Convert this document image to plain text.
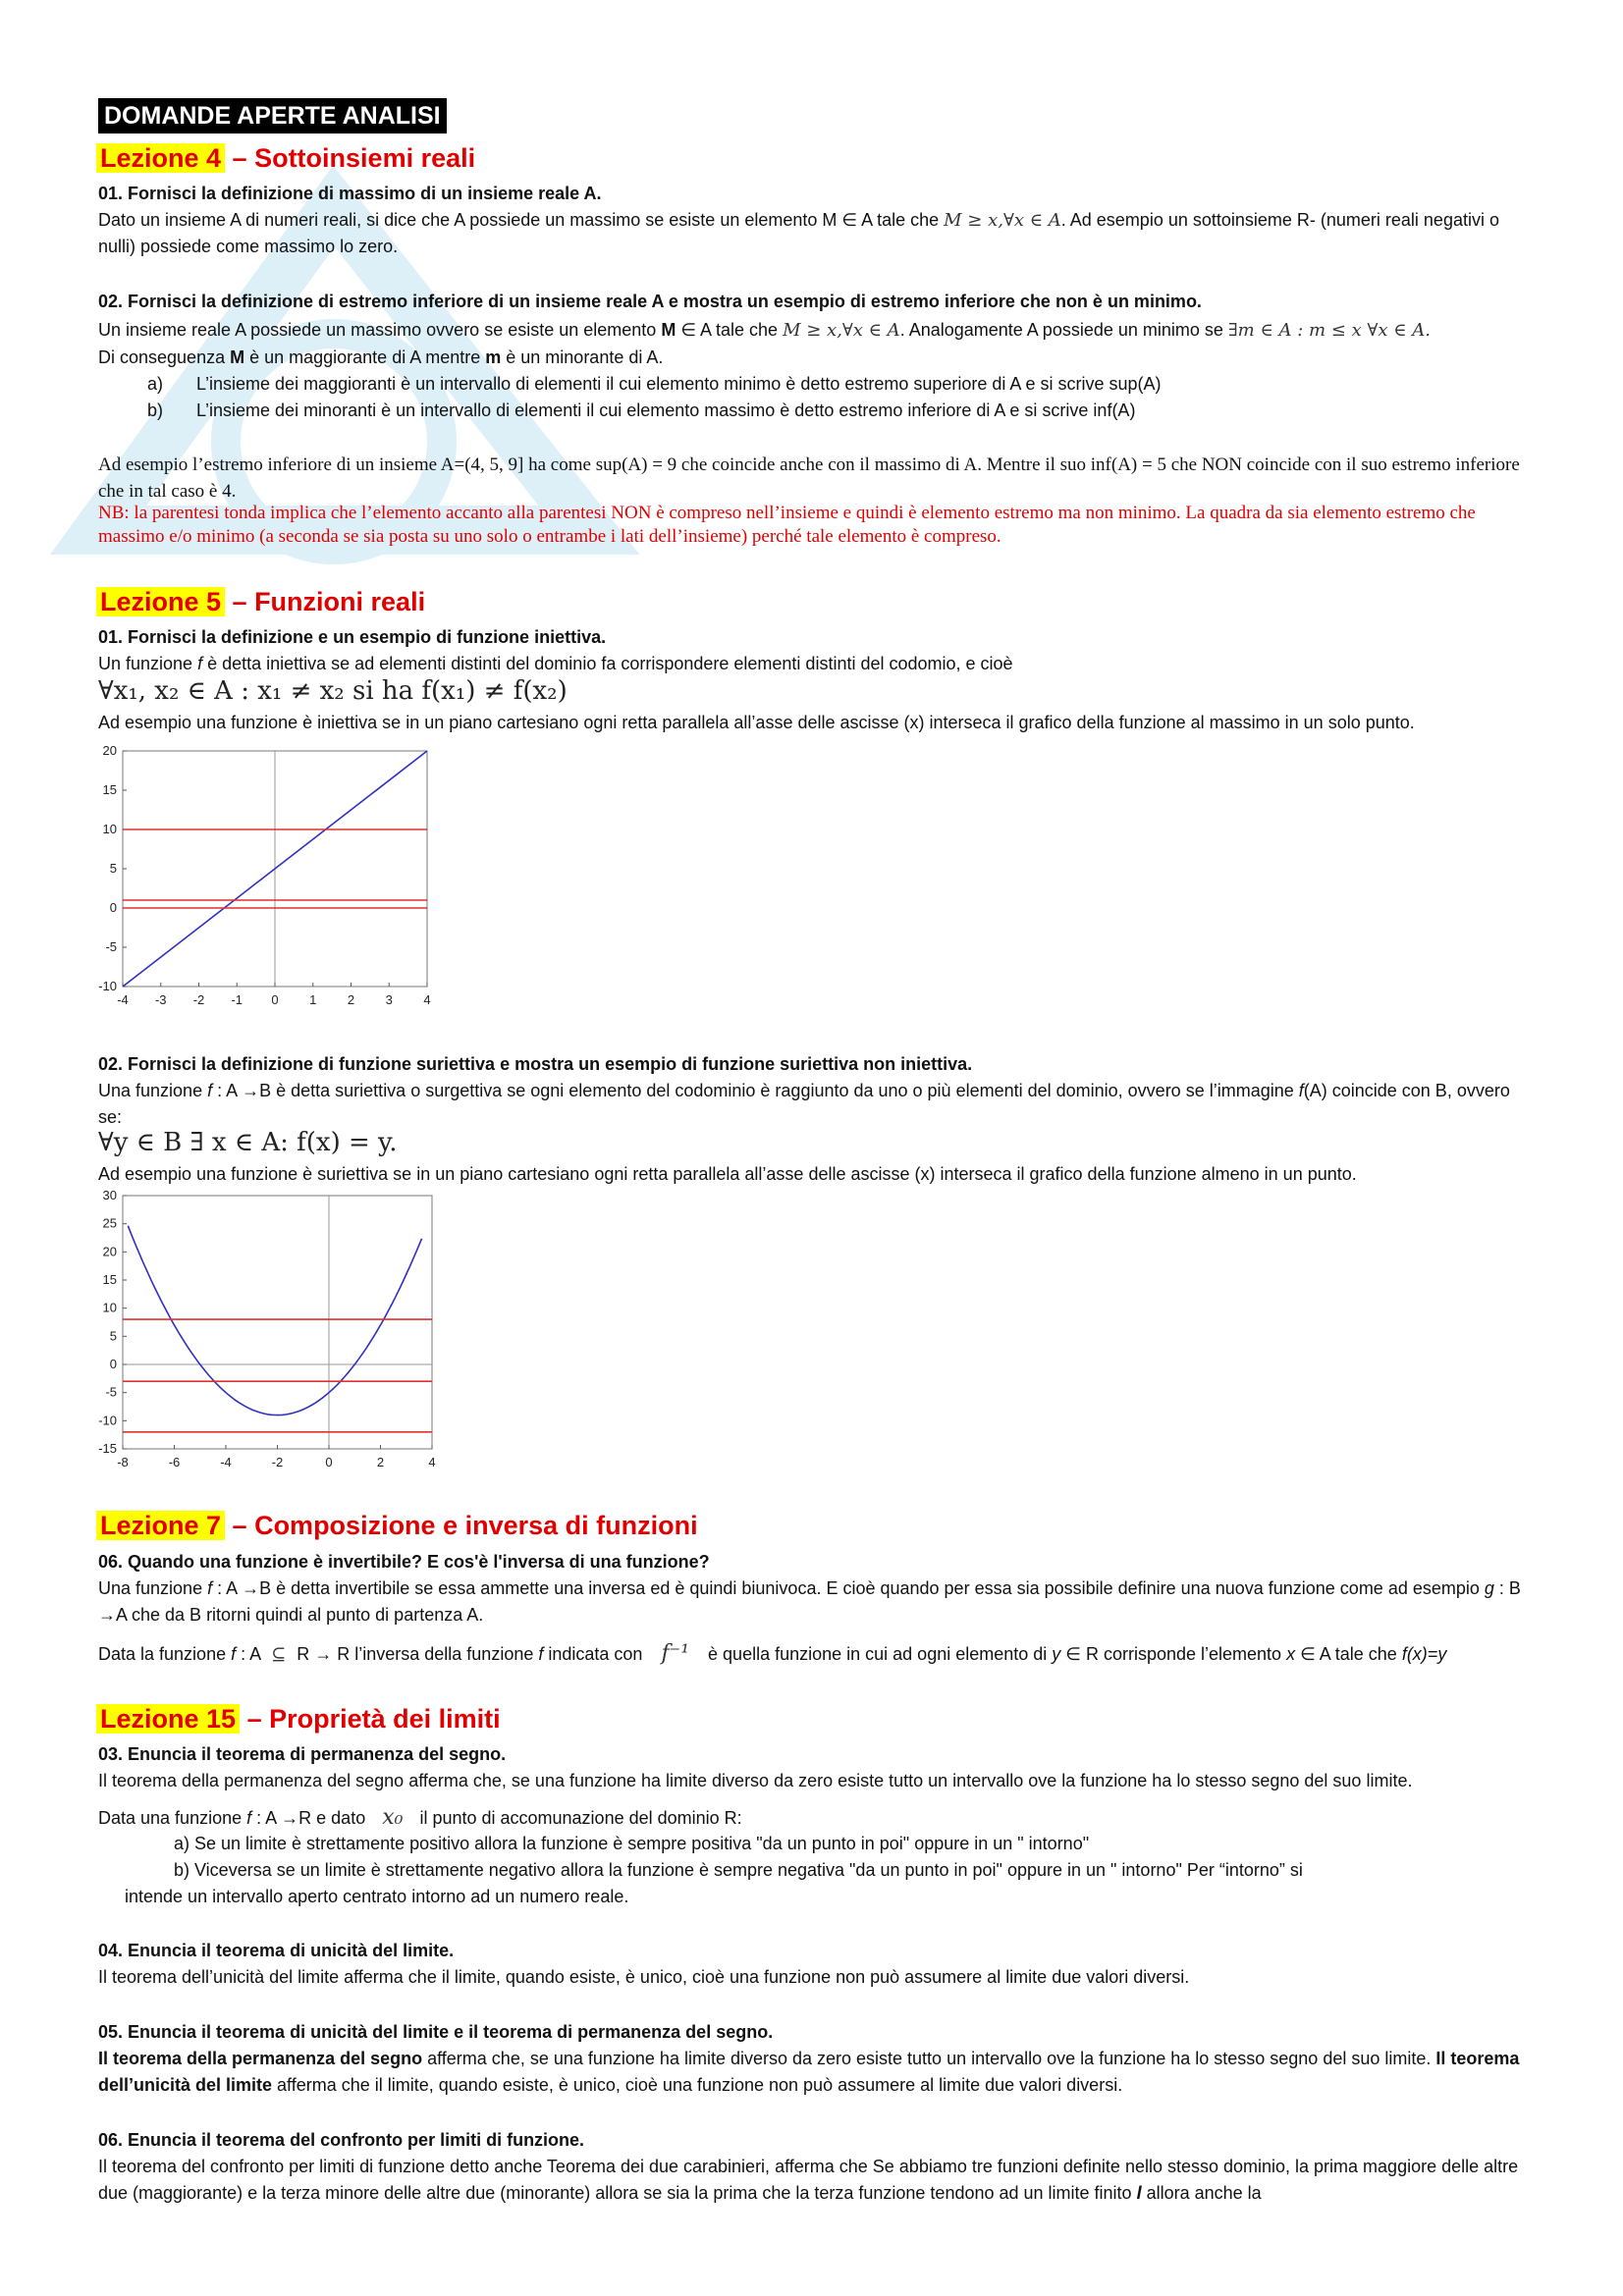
DOMANDE APERTE ANALISI
Lezione 4 – Sottoinsiemi reali
01. Fornisci la definizione di massimo di un insieme reale A.
Dato un insieme A di numeri reali, si dice che A possiede un massimo se esiste un elemento M ∈ A tale che M ≥ x,∀x ∈ A. Ad esempio un sottoinsieme R- (numeri reali negativi o nulli) possiede come massimo lo zero.
02. Fornisci la definizione di estremo inferiore di un insieme reale A e mostra un esempio di estremo inferiore che non è un minimo.
Un insieme reale A possiede un massimo ovvero se esiste un elemento M ∈ A tale che M ≥ x,∀x ∈ A. Analogamente A possiede un minimo se ∃m ∈ A : m ≤ x ∀x ∈ A.
Di conseguenza M è un maggiorante di A mentre m è un minorante di A.
a) L’insieme dei maggioranti è un intervallo di elementi il cui elemento minimo è detto estremo superiore di A e si scrive sup(A)
b) L’insieme dei minoranti è un intervallo di elementi il cui elemento massimo è detto estremo inferiore di A e si scrive inf(A)
Ad esempio l’estremo inferiore di un insieme A=(4, 5, 9] ha come sup(A) = 9 che coincide anche con il massimo di A. Mentre il suo inf(A) = 5 che NON coincide con il suo estremo inferiore che in tal caso è 4.
NB: la parentesi tonda implica che l’elemento accanto alla parentesi NON è compreso nell’insieme e quindi è elemento estremo ma non minimo. La quadra da sia elemento estremo che massimo e/o minimo (a seconda se sia posta su uno solo o entrambe i lati dell’insieme) perché tale elemento è compreso.
Lezione 5 – Funzioni reali
01. Fornisci la definizione e un esempio di funzione iniettiva.
Un funzione f è detta iniettiva se ad elementi distinti del dominio fa corrispondere elementi distinti del codomio, e cioè
∀x₁, x₂ ∈ A : x₁ ≠ x₂ si ha f(x₁) ≠ f(x₂)
Ad esempio una funzione è iniettiva se in un piano cartesiano ogni retta parallela all’asse delle ascisse (x) interseca il grafico della funzione al massimo in un solo punto.
-4 -3 -2 -1 0 1 2 3 4
20
15
10
5
0
-5
-10
02. Fornisci la definizione di funzione suriettiva e mostra un esempio di funzione suriettiva non iniettiva.
Una funzione f : A →B è detta suriettiva o surgettiva se ogni elemento del codominio è raggiunto da uno o più elementi del dominio, ovvero se l’immagine f(A) coincide con B, ovvero se:
∀y ∈ B ∃ x ∈ A: f(x) = y.
Ad esempio una funzione è suriettiva se in un piano cartesiano ogni retta parallela all’asse delle ascisse (x) interseca il grafico della funzione almeno in un punto.
-8	-6	-4	-2	0	2	4
30
25
20
15
10
5
0
-5
-10
-15
Lezione 7 – Composizione e inversa di funzioni
06. Quando una funzione è invertibile? E cos'è l'inversa di una funzione?
Una funzione f : A →B è detta invertibile se essa ammette una inversa ed è quindi biunivoca. E cioè quando per essa sia possibile definire una nuova funzione come ad esempio g : B →A che da B ritorni quindi al punto di partenza A.
Data la funzione f : A ⊆ R → R l’inversa della funzione f indicata con f⁻¹ è quella funzione in cui ad ogni elemento di y ∈ R corrisponde l’elemento x ∈ A tale che f(x)=y
Lezione 15 – Proprietà dei limiti
03. Enuncia il teorema di permanenza del segno.
Il teorema della permanenza del segno afferma che, se una funzione ha limite diverso da zero esiste tutto un intervallo ove la funzione ha lo stesso segno del suo limite.
Data una funzione f : A →R e dato x₀ il punto di accomunazione del dominio R:
a) Se un limite è strettamente positivo allora la funzione è sempre positiva "da un punto in poi" oppure in un " intorno"
b) Viceversa se un limite è strettamente negativo allora la funzione è sempre negativa "da un punto in poi" oppure in un " intorno" Per “intorno” si
intende un intervallo aperto centrato intorno ad un numero reale.
04. Enuncia il teorema di unicità del limite.
Il teorema dell’unicità del limite afferma che il limite, quando esiste, è unico, cioè una funzione non può assumere al limite due valori diversi.
05. Enuncia il teorema di unicità del limite e il teorema di permanenza del segno.
Il teorema della permanenza del segno afferma che, se una funzione ha limite diverso da zero esiste tutto un intervallo ove la funzione ha lo stesso segno del suo limite. Il teorema dell’unicità del limite afferma che il limite, quando esiste, è unico, cioè una funzione non può assumere al limite due valori diversi.
06. Enuncia il teorema del confronto per limiti di funzione.
Il teorema del confronto per limiti di funzione detto anche Teorema dei due carabinieri, afferma che Se abbiamo tre funzioni definite nello stesso dominio, la prima maggiore delle altre due (maggiorante) e la terza minore delle altre due (minorante) allora se sia la prima che la terza funzione tendono ad un limite finito l allora anche la
